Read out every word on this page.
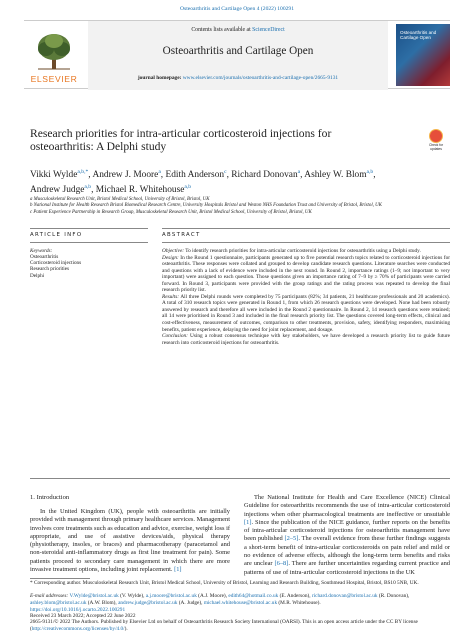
Osteoarthritis and Cartilage Open 4 (2022) 100291
ELSEVIER
Contents lists available at ScienceDirect
Osteoarthritis and Cartilage Open
journal homepage: www.elsevier.com/journals/osteoarthritis-and-cartilage-open/2665-9131
Osteoarthritis and Cartilage Open
Research priorities for intra-articular corticosteroid injections for
osteoarthritis: A Delphi study	Check for updates
Vikki Wylde$^{a,b,*}$, Andrew J. Moore$^a$, Edith Anderson$^c$, Richard Donovan$^a$, Ashley W. Blom$^{a,b}$,
Andrew Judge$^{a,b}$, Michael R. Whitehouse$^{a,b}$
a Musculoskeletal Research Unit, Bristol Medical School, University of Bristol, Bristol, UK
b National Institute for Health Research Bristol Biomedical Research Centre, University Hospitals Bristol and Weston NHS Foundation Trust and University of Bristol, Bristol, UK
c Patient Experience Partnership in Research Group, Musculoskeletal Research Unit, Bristol Medical School, University of Bristol, Bristol, UK
ARTICLE INFO	ABSTRACT
Keywords:
Osteoarthritis
Corticosteroid injections
Research priorities
Delphi

Objective: To identify research priorities for intra-articular corticosteroid injections for osteoarthritis using a Delphi study.

Design: In the Round 1 questionnaire, participants generated up to five potential research topics related to corticosteroid injections for osteoarthritis. These responses were collated and grouped to develop candidate research questions. Literature searches were conducted and questions with a lack of evidence were included in the next round. In Round 2, importance ratings (1–9; not important to very important) were assigned to each question. Those questions given an importance rating of 7–9 by ≥ 70% of participants were carried forward. In Round 3, participants were provided with the group ratings and the rating process was repeated to develop the final research priority list.

Results: All three Delphi rounds were completed by 75 participants (82%; 34 patients, 21 healthcare professionals and 20 academics). A total of 310 research topics were generated in Round 1, from which 26 research questions were developed. None had been robustly answered by research and therefore all were included in the Round 2 questionnaire. In Round 2, 14 research questions were retained; all 14 were prioritised in Round 3 and included in the final research priority list. The questions covered long-term effects, clinical and cost-effectiveness, measurement of outcomes, comparison to other treatments, provision, safety, identifying responders, maximising benefits, patient experience, delaying the need for joint replacement, and dosage.

Conclusion: Using a robust consensus technique with key stakeholders, we have developed a research priority list to guide future research into corticosteroid injections for osteoarthritis.

1. Introduction
In the United Kingdom (UK), people with osteoarthritis are initially provided with management through primary healthcare services. Management involves core treatments such as education and advice, exercise, weight loss if appropriate, and use of assistive devices/aids, physical therapy (physiotherapy, insoles, or braces) and pharmacotherapy (paracetamol and non-steroidal anti-inflammatory drugs as first line treatment for pain). Some patients proceed to secondary care management in which there are more invasive treatment options, including joint replacement. [1]
The National Institute for Health and Care Excellence (NICE) Clinical Guideline for osteoarthritis recommends the use of intra-articular corticosteroid injections when other pharmacological treatments are ineffective or unsuitable [1]. Since the publication of the NICE guidance, further reports on the benefits of intra-articular corticosteroid injections for osteoarthritis management have been published [2–5]. The overall evidence from these further findings suggests a short-term benefit of intra-articular corticosteroids on pain relief and mild or no evidence of adverse effects, although the long-term term benefits and risks are unclear [6–8]. There are further uncertainties regarding current practice and patterns of use of intra-articular corticosteroid injections in the UK
* Corresponding author. Musculoskeletal Research Unit, Bristol Medical School, University of Bristol, Learning and Research Building, Southmead Hospital, Bristol, BS10 5NB, UK.
E-mail addresses: V.Wylde@bristol.ac.uk (V. Wylde), a.j.moore@bristol.ac.uk (A.J. Moore), edith64@hotmail.co.uk (E. Anderson), richard.donovan@bristol.ac.uk (R. Donovan), ashley.blom@bristol.ac.uk (A.W. Blom), andrew.judge@bristol.ac.uk (A. Judge), michael.whitehouse@bristol.ac.uk (M.R. Whitehouse).
https://doi.org/10.1016/j.ocarto.2022.100291
Received 23 March 2022; Accepted 22 June 2022
2665-9131/© 2022 The Authors. Published by Elsevier Ltd on behalf of Osteoarthritis Research Society International (OARSI). This is an open access article under the CC BY license (http://creativecommons.org/licenses/by/4.0/).
